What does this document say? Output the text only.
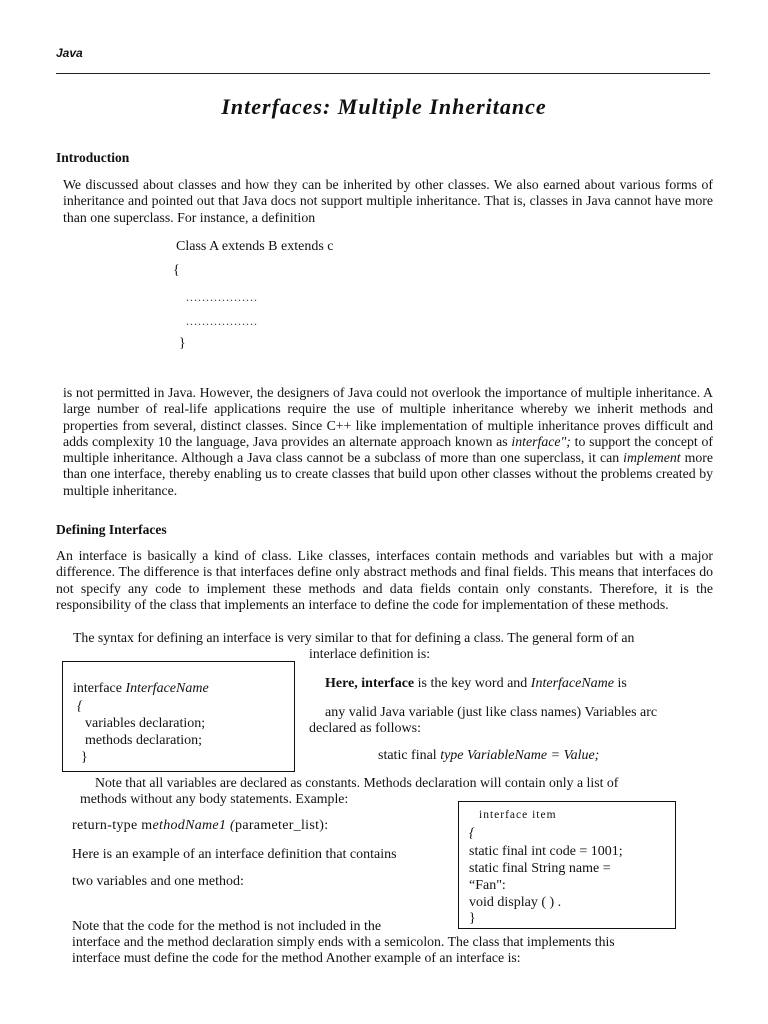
Java
Interfaces: Multiple Inheritance
Introduction
We discussed about classes and how they can be inherited by other classes. We also earned about various forms of inheritance and pointed out that Java docs not support multiple inheritance. That is, classes in Java cannot have more than one superclass. For instance, a definition
Class A extends B extends c
{
..................
..................
}
is not permitted in Java. However, the designers of Java could not overlook the importance of multiple inheritance. A large number of real-life applications require the use of multiple inheritance whereby we inherit methods and properties from several, distinct classes. Since C++ like implementation of multiple inheritance proves difficult and adds complexity 10 the language, Java provides an alternate approach known as interface"; to support the concept of multiple inheritance. Although a Java class cannot be a subclass of more than one superclass, it can implement more than one interface, thereby enabling us to create classes that build upon other classes without the problems created by multiple inheritance.
Defining Interfaces
An interface is basically a kind of class. Like classes, interfaces contain methods and variables but with a major difference. The difference is that interfaces define only abstract methods and final fields. This means that interfaces do not specify any code to implement these methods and data fields contain only constants. Therefore, it is the responsibility of the class that implements an interface to define the code for implementation of these methods.
The syntax for defining an interface is very similar to that for defining a class. The general form of an
interlace definition is:
interface InterfaceName
{
variables declaration;
methods declaration;
}
Here, interface is the key word and InterfaceName is
any valid Java variable (just like class names) Variables arc
declared as follows:
static final type VariableName = Value;
Note that all variables are declared as constants. Methods declaration will contain only a list of
methods without any body statements. Example:
return-type methodName1 (parameter_list):
Here is an example of an interface definition that contains
two variables and one method:
interface item
{
static final int code = 1001;
static final String name =
“Fan":
void display ( ) .
}
Note that the code for the method is not included in the
interface and the method declaration simply ends with a semicolon. The class that implements this
interface must define the code for the method Another example of an interface is:
